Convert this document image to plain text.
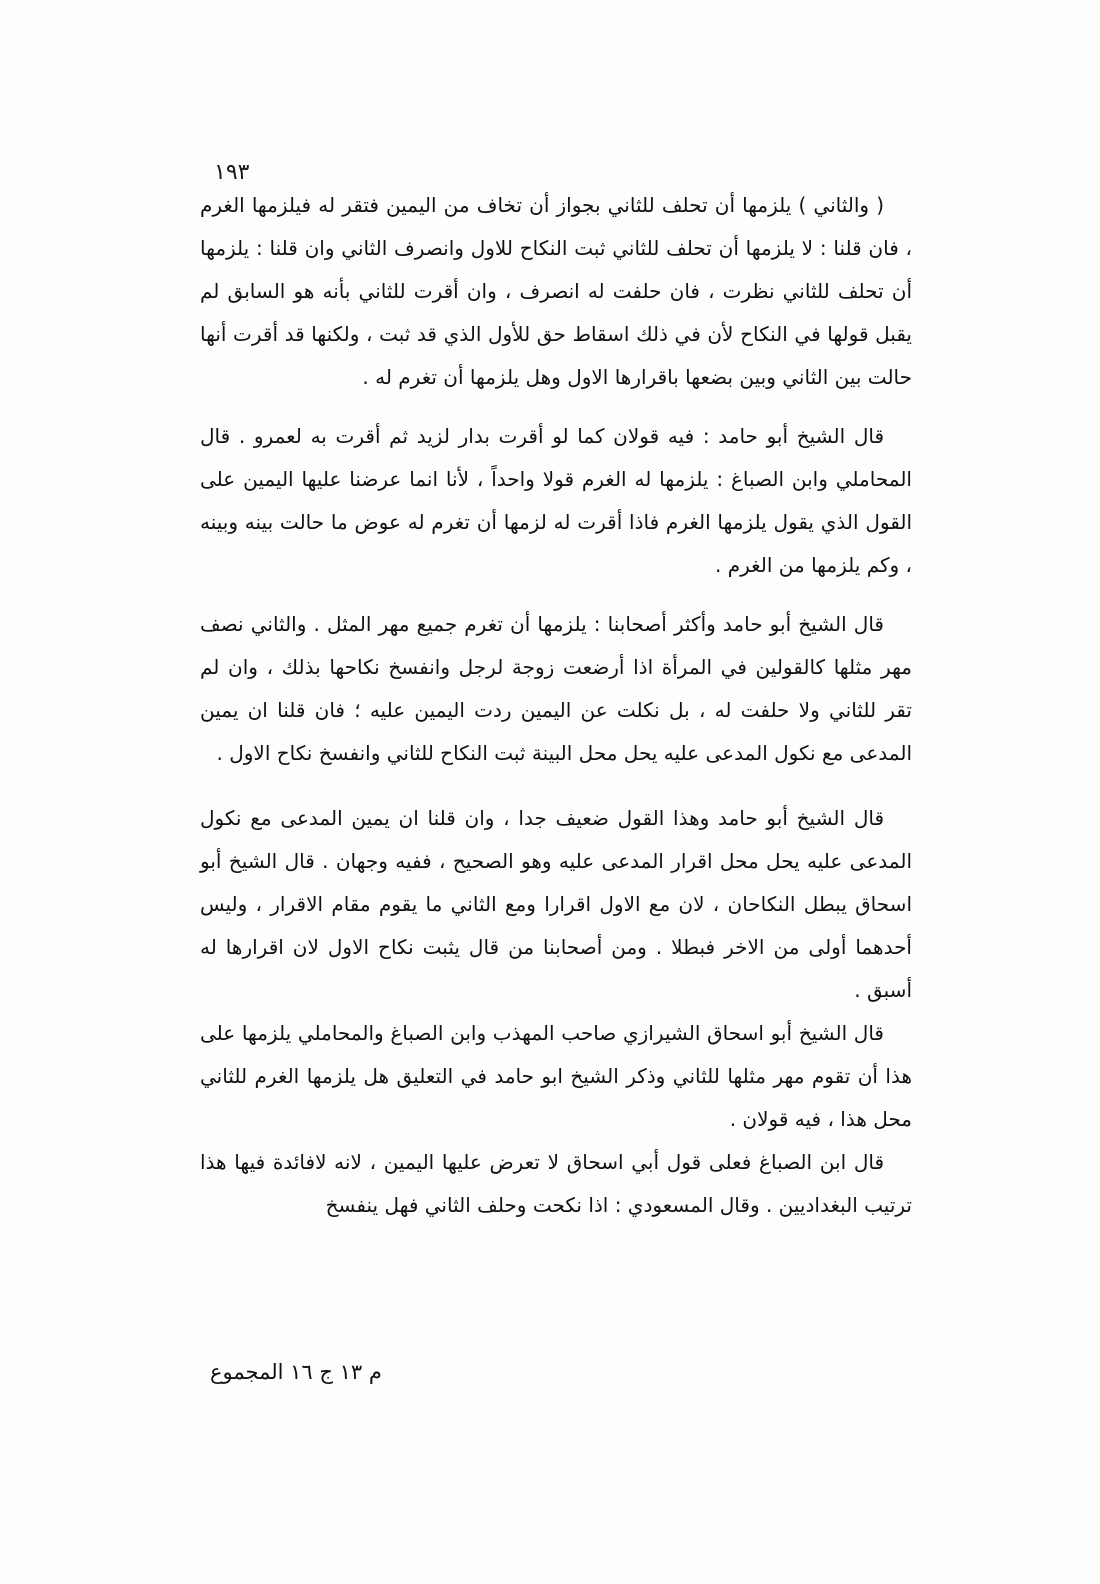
١٩٣

( والثاني ) يلزمها أن تحلف للثاني بجواز أن تخاف من اليمين فتقر له فيلزمها الغرم ، فان قلنا : لا يلزمها أن تحلف للثاني ثبت النكاح للاول وانصرف الثاني وان قلنا : يلزمها أن تحلف للثاني نظرت ، فان حلفت له انصرف ، وان أقرت للثاني بأنه هو السابق لم يقبل قولها في النكاح لأن في ذلك اسقاط حق للأول الذي قد ثبت ، ولكنها قد أقرت أنها حالت بين الثاني وبين بضعها باقرارها الاول وهل يلزمها أن تغرم له .

قال الشيخ أبو حامد : فيه قولان كما لو أقرت بدار لزيد ثم أقرت به لعمرو . قال المحاملي وابن الصباغ : يلزمها له الغرم قولا واحداً ، لأنا انما عرضنا عليها اليمين على القول الذي يقول يلزمها الغرم فاذا أقرت له لزمها أن تغرم له عوض ما حالت بينه وبينه ، وكم يلزمها من الغرم .

قال الشيخ أبو حامد وأكثر أصحابنا : يلزمها أن تغرم جميع مهر المثل . والثاني نصف مهر مثلها كالقولين في المرأة اذا أرضعت زوجة لرجل وانفسخ نكاحها بذلك ، وان لم تقر للثاني ولا حلفت له ، بل نكلت عن اليمين ردت اليمين عليه ؛ فان قلنا ان يمين المدعى مع نكول المدعى عليه يحل محل البينة ثبت النكاح للثاني وانفسخ نكاح الاول .

قال الشيخ أبو حامد وهذا القول ضعيف جدا ، وان قلنا ان يمين المدعى مع نكول المدعى عليه يحل محل اقرار المدعى عليه وهو الصحيح ، ففيه وجهان . قال الشيخ أبو اسحاق يبطل النكاحان ، لان مع الاول اقرارا ومع الثاني ما يقوم مقام الاقرار ، وليس أحدهما أولى من الاخر فبطلا . ومن أصحابنا من قال يثبت نكاح الاول لان اقرارها له أسبق .

قال الشيخ أبو اسحاق الشيرازي صاحب المهذب وابن الصباغ والمحاملي يلزمها على هذا أن تقوم مهر مثلها للثاني وذكر الشيخ ابو حامد في التعليق هل يلزمها الغرم للثاني محل هذا ، فيه قولان .

قال ابن الصباغ فعلى قول أبي اسحاق لا تعرض عليها اليمين ، لانه لافائدة فيها هذا ترتيب البغداديين . وقال المسعودي : اذا نكحت وحلف الثاني فهل ينفسخ

م ١٣ ج ١٦ المجموع
